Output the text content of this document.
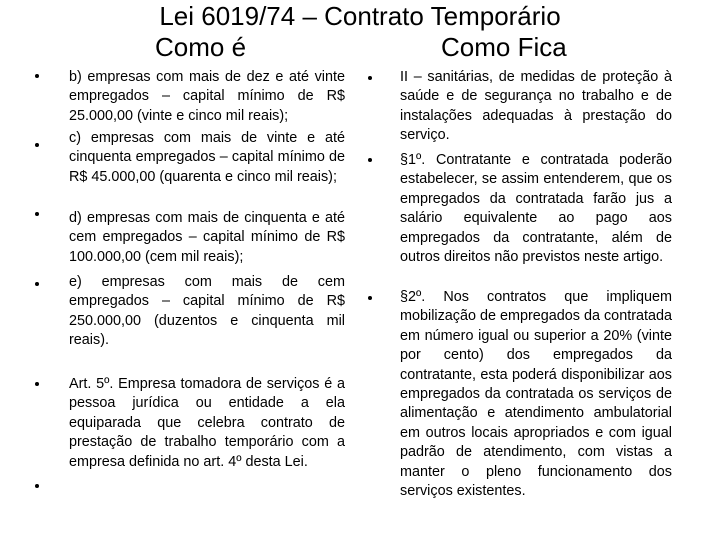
Lei 6019/74 – Contrato Temporário
Como é	Como Fica
b) empresas com mais de dez e até vinte empregados – capital mínimo de R$ 25.000,00 (vinte e cinco mil reais);
c) empresas com mais de vinte e até cinquenta empregados – capital mínimo de R$ 45.000,00 (quarenta e cinco mil reais);
d) empresas com mais de cinquenta e até cem empregados – capital mínimo de R$ 100.000,00 (cem mil reais);
e) empresas com mais de cem empregados – capital mínimo de R$ 250.000,00 (duzentos e cinquenta mil reais).
Art. 5º. Empresa tomadora de serviços é a pessoa jurídica ou entidade a ela equiparada que celebra contrato de prestação de trabalho temporário com a empresa definida no art. 4º desta Lei.
II – sanitárias, de medidas de proteção à saúde e de segurança no trabalho e de instalações adequadas à prestação do serviço.
§1º. Contratante e contratada poderão estabelecer, se assim entenderem, que os empregados da contratada farão jus a salário equivalente ao pago aos empregados da contratante, além de outros direitos não previstos neste artigo.
§2º. Nos contratos que impliquem mobilização de empregados da contratada em número igual ou superior a 20% (vinte por cento) dos empregados da contratante, esta poderá disponibilizar aos empregados da contratada os serviços de alimentação e atendimento ambulatorial em outros locais apropriados e com igual padrão de atendimento, com vistas a manter o pleno funcionamento dos serviços existentes.
